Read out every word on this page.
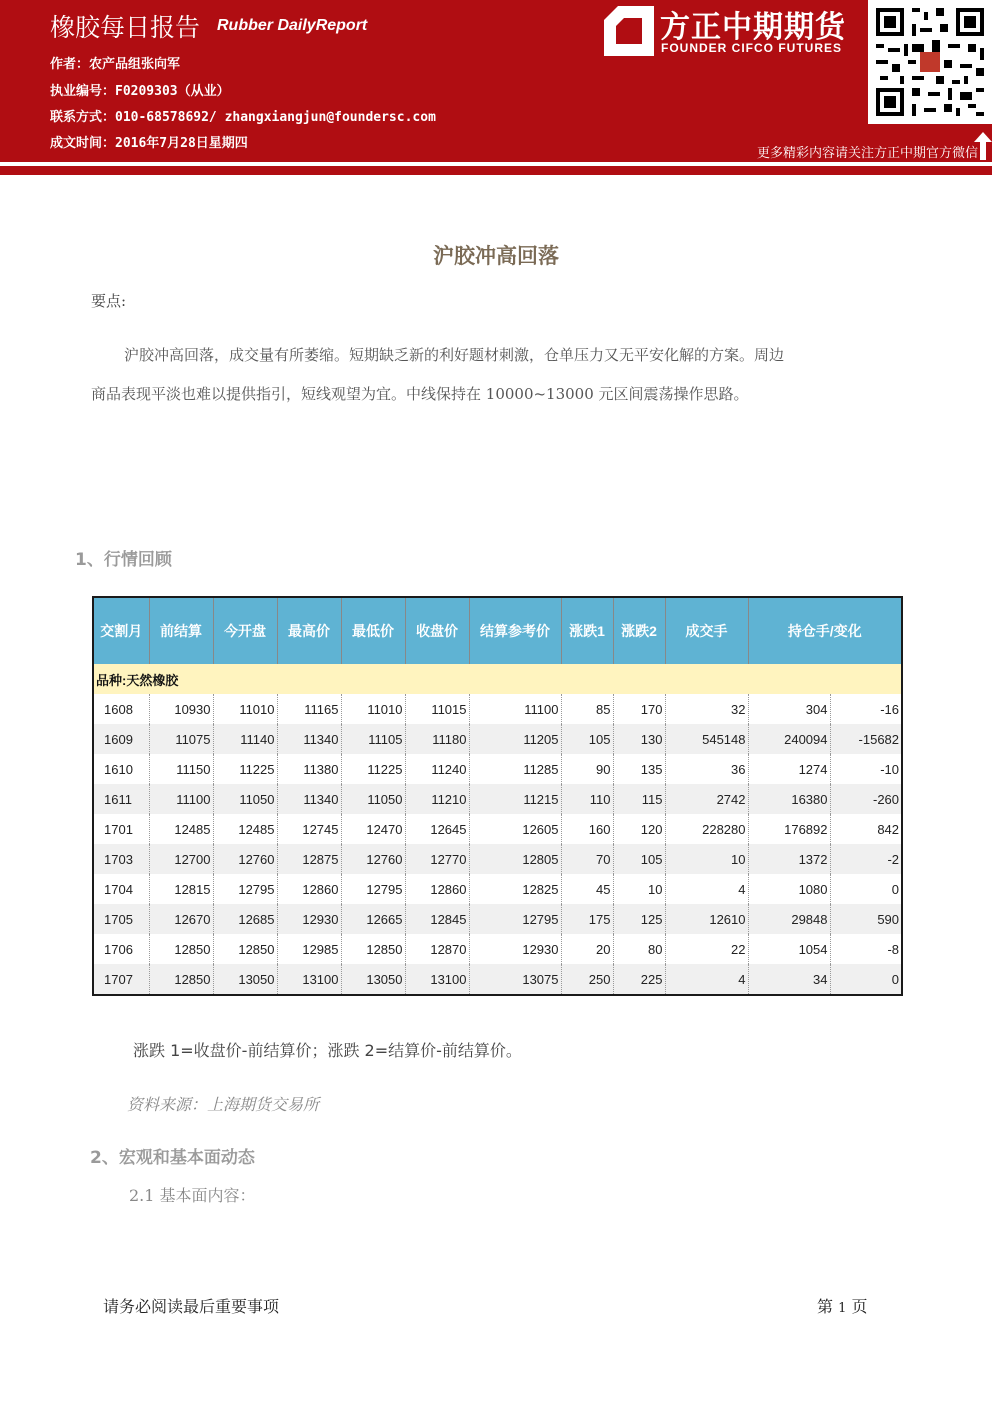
橡胶每日报告 Rubber DailyReport
作者：农产品组张向军
执业编号：F0209303（从业）
联系方式：010-68578692/ zhangxiangjun@foundersc.com
成文时间：2016年7月28日星期四
方正中期期货
FOUNDER CIFCO FUTURES
更多精彩内容请关注方正中期官方微信
沪胶冲高回落
要点:
沪胶冲高回落，成交量有所萎缩。短期缺乏新的利好题材刺激，仓单压力又无平安化解的方案。周边
商品表现平淡也难以提供指引，短线观望为宜。中线保持在 10000~13000 元区间震荡操作思路。
1、行情回顾
交割月	前结算	今开盘	最高价	最低价	收盘价	结算参考价	涨跌1	涨跌2	成交手	持仓手/变化	
品种:天然橡胶											
1608	10930	11010	11165	11010	11015	11100	85	170	32	304	-16
1609	11075	11140	11340	11105	11180	11205	105	130	545148	240094	-15682
1610	11150	11225	11380	11225	11240	11285	90	135	36	1274	-10
1611	11100	11050	11340	11050	11210	11215	110	115	2742	16380	-260
1701	12485	12485	12745	12470	12645	12605	160	120	228280	176892	842
1703	12700	12760	12875	12760	12770	12805	70	105	10	1372	-2
1704	12815	12795	12860	12795	12860	12825	45	10	4	1080	0
1705	12670	12685	12930	12665	12845	12795	175	125	12610	29848	590
1706	12850	12850	12985	12850	12870	12930	20	80	22	1054	-8
1707	12850	13050	13100	13050	13100	13075	250	225	4	34	0
涨跌 1=收盘价-前结算价；涨跌 2=结算价-前结算价。
资料来源：上海期货交易所
2、宏观和基本面动态
2.1 基本面内容：
请务必阅读最后重要事项	第 1 页
